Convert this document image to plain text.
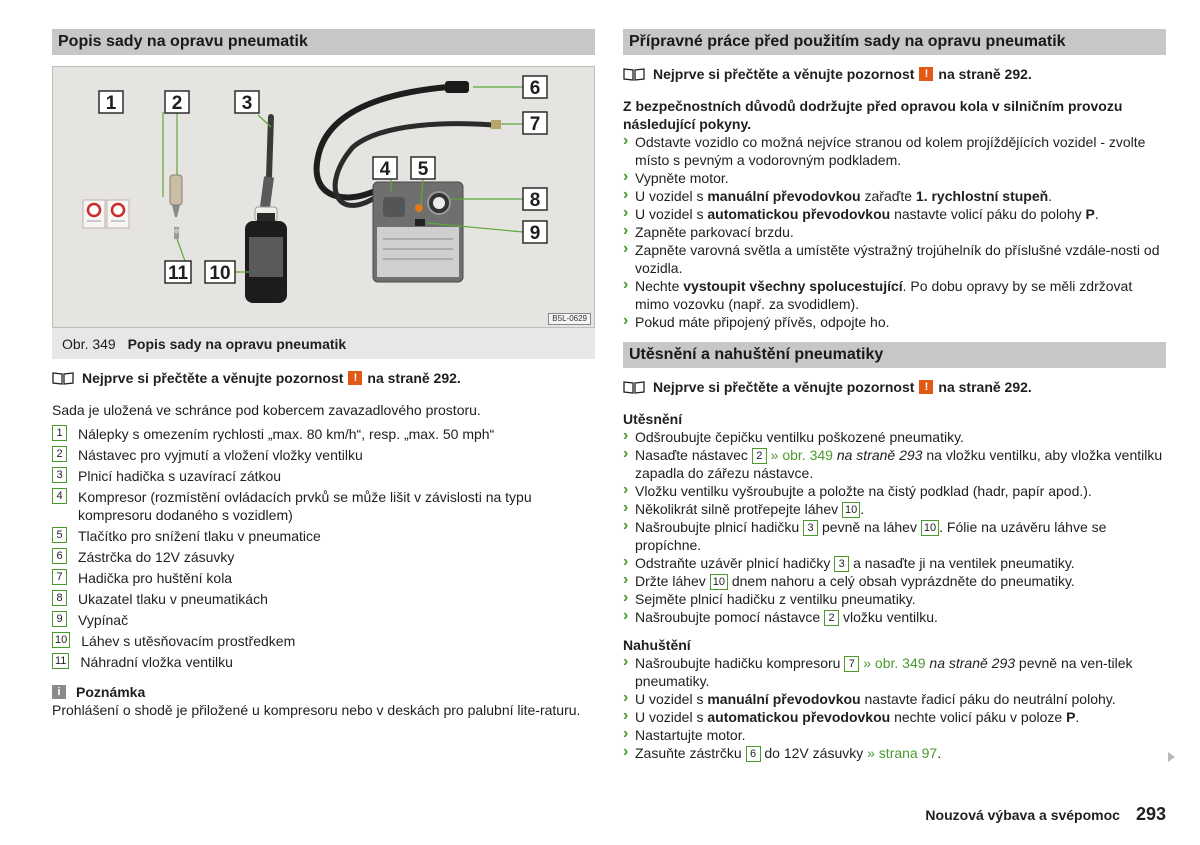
Popis sady na opravu pneumatik
1	2	3
4 5
6
7
8
9
10
11
B5L-0629
Obr. 349 Popis sady na opravu pneumatik
Nejprve si přečtěte a věnujte pozornost ! na straně 292.
Sada je uložená ve schránce pod kobercem zavazadlového prostoru.
1	Nálepky s omezením rychlosti „max. 80 km/h“, resp. „max. 50 mph“
2	Nástavec pro vyjmutí a vložení vložky ventilku
3	Plnicí hadička s uzavírací zátkou
4	Kompresor (rozmístění ovládacích prvků se může lišit v závislosti na typu kompresoru dodaného s vozidlem)
5	Tlačítko pro snížení tlaku v pneumatice
6	Zástrčka do 12V zásuvky
7	Hadička pro huštění kola
8	Ukazatel tlaku v pneumatikách
9	Vypínač
10 Láhev s utěsňovacím prostředkem
11 Náhradní vložka ventilku
i	Poznámka
Prohlášení o shodě je přiložené u kompresoru nebo v deskách pro palubní lite-raturu.
Přípravné práce před použitím sady na opravu pneumatik
Nejprve si přečtěte a věnujte pozornost ! na straně 292.
Z bezpečnostních důvodů dodržujte před opravou kola v silničním provozu následující pokyny.
› Odstavte vozidlo co možná nejvíce stranou od kolem projíždějících vozidel - zvolte místo s pevným a vodorovným podkladem.
› Vypněte motor.
› U vozidel s manuální převodovkou zařaďte 1. rychlostní stupeň.
› U vozidel s automatickou převodovkou nastavte volicí páku do polohy P.
› Zapněte parkovací brzdu.
› Zapněte varovná světla a umístěte výstražný trojúhelník do příslušné vzdále-nosti od vozidla.
› Nechte vystoupit všechny spolucestující. Po dobu opravy by se měli zdržovat mimo vozovku (např. za svodidlem).
› Pokud máte připojený přívěs, odpojte ho.
Utěsnění a nahuštění pneumatiky
Nejprve si přečtěte a věnujte pozornost ! na straně 292.
Utěsnění
› Odšroubujte čepičku ventilku poškozené pneumatiky.
› Nasaďte nástavec 2 » obr. 349 na straně 293 na vložku ventilku, aby vložka ventilku zapadla do zářezu nástavce.
› Vložku ventilku vyšroubujte a položte na čistý podklad (hadr, papír apod.).
› Několikrát silně protřepejte láhev 10 .
› Našroubujte plnicí hadičku 3 pevně na láhev 10 . Fólie na uzávěru láhve se propíchne.
› Odstraňte uzávěr plnicí hadičky 3 a nasaďte ji na ventilek pneumatiky.
› Držte láhev 10 dnem nahoru a celý obsah vyprázdněte do pneumatiky.
› Sejměte plnicí hadičku z ventilku pneumatiky.
› Našroubujte pomocí nástavce 2 vložku ventilku.
Nahuštění
› Našroubujte hadičku kompresoru 7 » obr. 349 na straně 293 pevně na ven-tilek pneumatiky.
› U vozidel s manuální převodovkou nastavte řadicí páku do neutrální polohy.
› U vozidel s automatickou převodovkou nechte volicí páku v poloze P.
› Nastartujte motor.
› Zasuňte zástrčku 6 do 12V zásuvky » strana 97.
Nouzová výbava a svépomoc 293
